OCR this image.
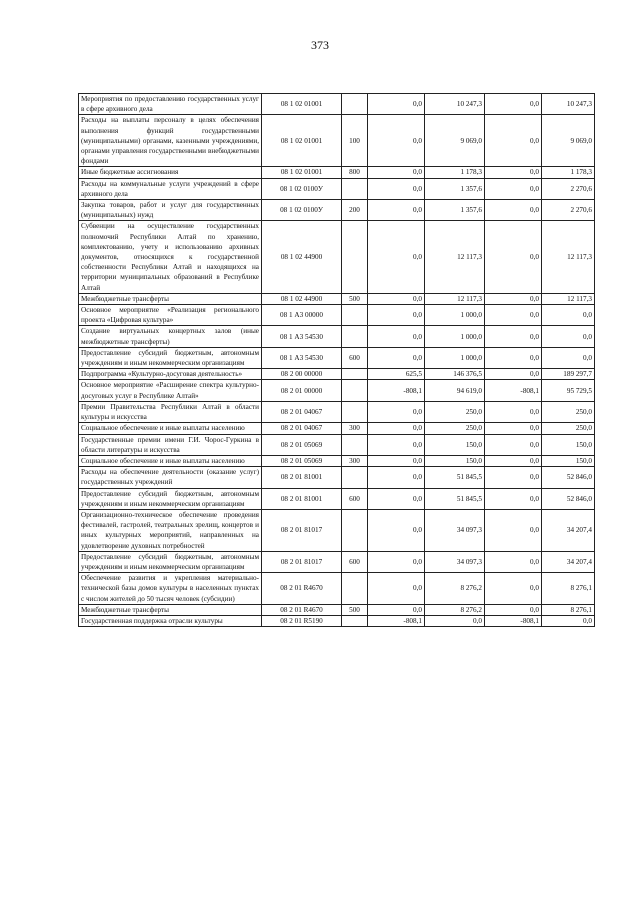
373
Мероприятия по предоставлению государственных услуг в сфере архивного дела	08 1 02 01001		0,0	10 247,3	0,0	10 247,3
Расходы на выплаты персоналу в целях обеспечения выполнения функций государственными (муниципальными) органами, казенными учреждениями, органами управления государственными внебюджетными фондами	08 1 02 01001	100	0,0	9 069,0	0,0	9 069,0
Иные бюджетные ассигнования	08 1 02 01001	800	0,0	1 178,3	0,0	1 178,3
Расходы на коммунальные услуги учреждений в сфере архивного дела	08 1 02 0100У		0,0	1 357,6	0,0	2 270,6
Закупка товаров, работ и услуг для государственных (муниципальных) нужд	08 1 02 0100У	200	0,0	1 357,6	0,0	2 270,6
Субвенции на осуществление государственных полномочий Республики Алтай по хранению, комплектованию, учету и использованию архивных документов, относящихся к государственной собственности Республики Алтай и находящихся на территории муниципальных образований в Республике Алтай	08 1 02 44900		0,0	12 117,3	0,0	12 117,3
Межбюджетные трансферты	08 1 02 44900	500	0,0	12 117,3	0,0	12 117,3
Основное мероприятие «Реализация регионального проекта «Цифровая культура»	08 1 А3 00000		0,0	1 000,0	0,0	0,0
Создание виртуальных концертных залов (иные межбюджетные трансферты)	08 1 А3 54530		0,0	1 000,0	0,0	0,0
Предоставление субсидий бюджетным, автономным учреждениям и иным некоммерческим организациям	08 1 А3 54530	600	0,0	1 000,0	0,0	0,0
Подпрограмма «Культурно-досуговая деятельность»	08 2 00 00000		625,5	146 376,5	0,0	189 297,7
Основное мероприятие «Расширение спектра культурно-досуговых услуг в Республике Алтай»	08 2 01 00000		-808,1	94 619,0	-808,1	95 729,5
Премии Правительства Республики Алтай в области культуры и искусства	08 2 01 04067		0,0	250,0	0,0	250,0
Социальное обеспечение и иные выплаты населению	08 2 01 04067	300	0,0	250,0	0,0	250,0
Государственные премии имени Г.И. Чорос-Гуркина в области литературы и искусства	08 2 01 05069		0,0	150,0	0,0	150,0
Социальное обеспечение и иные выплаты населению	08 2 01 05069	300	0,0	150,0	0,0	150,0
Расходы на обеспечение деятельности (оказание услуг) государственных учреждений	08 2 01 81001		0,0	51 845,5	0,0	52 846,0
Предоставление субсидий бюджетным, автономным учреждениям и иным некоммерческим организациям	08 2 01 81001	600	0,0	51 845,5	0,0	52 846,0
Организационно-техническое обеспечение проведения фестивалей, гастролей, театральных зрелищ, концертов и иных культурных мероприятий, направленных на удовлетворение духовных потребностей	08 2 01 81017		0,0	34 097,3	0,0	34 207,4
Предоставление субсидий бюджетным, автономным учреждениям и иным некоммерческим организациям	08 2 01 81017	600	0,0	34 097,3	0,0	34 207,4
Обеспечение развития и укрепления материально-технической базы домов культуры в населенных пунктах с числом жителей до 50 тысяч человек (субсидии)	08 2 01 R4670		0,0	8 276,2	0,0	8 276,1
Межбюджетные трансферты	08 2 01 R4670	500	0,0	8 276,2	0,0	8 276,1
Государственная поддержка отрасли культуры	08 2 01 R5190		-808,1	0,0	-808,1	0,0
